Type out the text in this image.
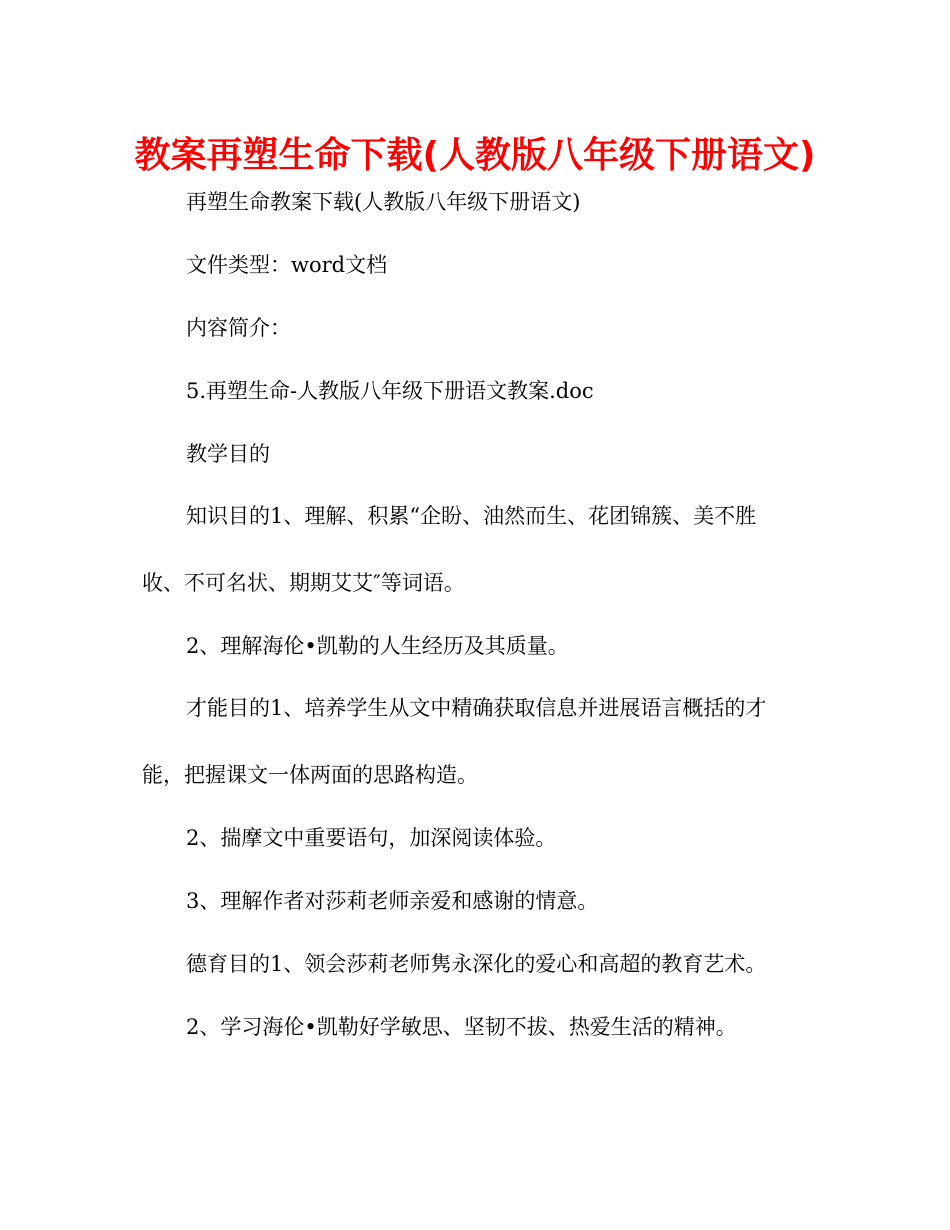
教案再塑生命下载(人教版八年级下册语文)

再塑生命教案下载(人教版八年级下册语文)

文件类型：word文档

内容简介：

5.再塑生命-人教版八年级下册语文教案.doc

教学目的

知识目的1、理解、积累“企盼、油然而生、花团锦簇、美不胜

收、不可名状、期期艾艾″等词语。

2、理解海伦•凯勒的人生经历及其质量。

才能目的1、培养学生从文中精确获取信息并进展语言概括的才

能，把握课文一体两面的思路构造。

2、揣摩文中重要语句，加深阅读体验。

3、理解作者对莎莉老师亲爱和感谢的情意。

德育目的1、领会莎莉老师隽永深化的爱心和高超的教育艺术。

2、学习海伦•凯勒好学敏思、坚韧不拔、热爱生活的精神。
